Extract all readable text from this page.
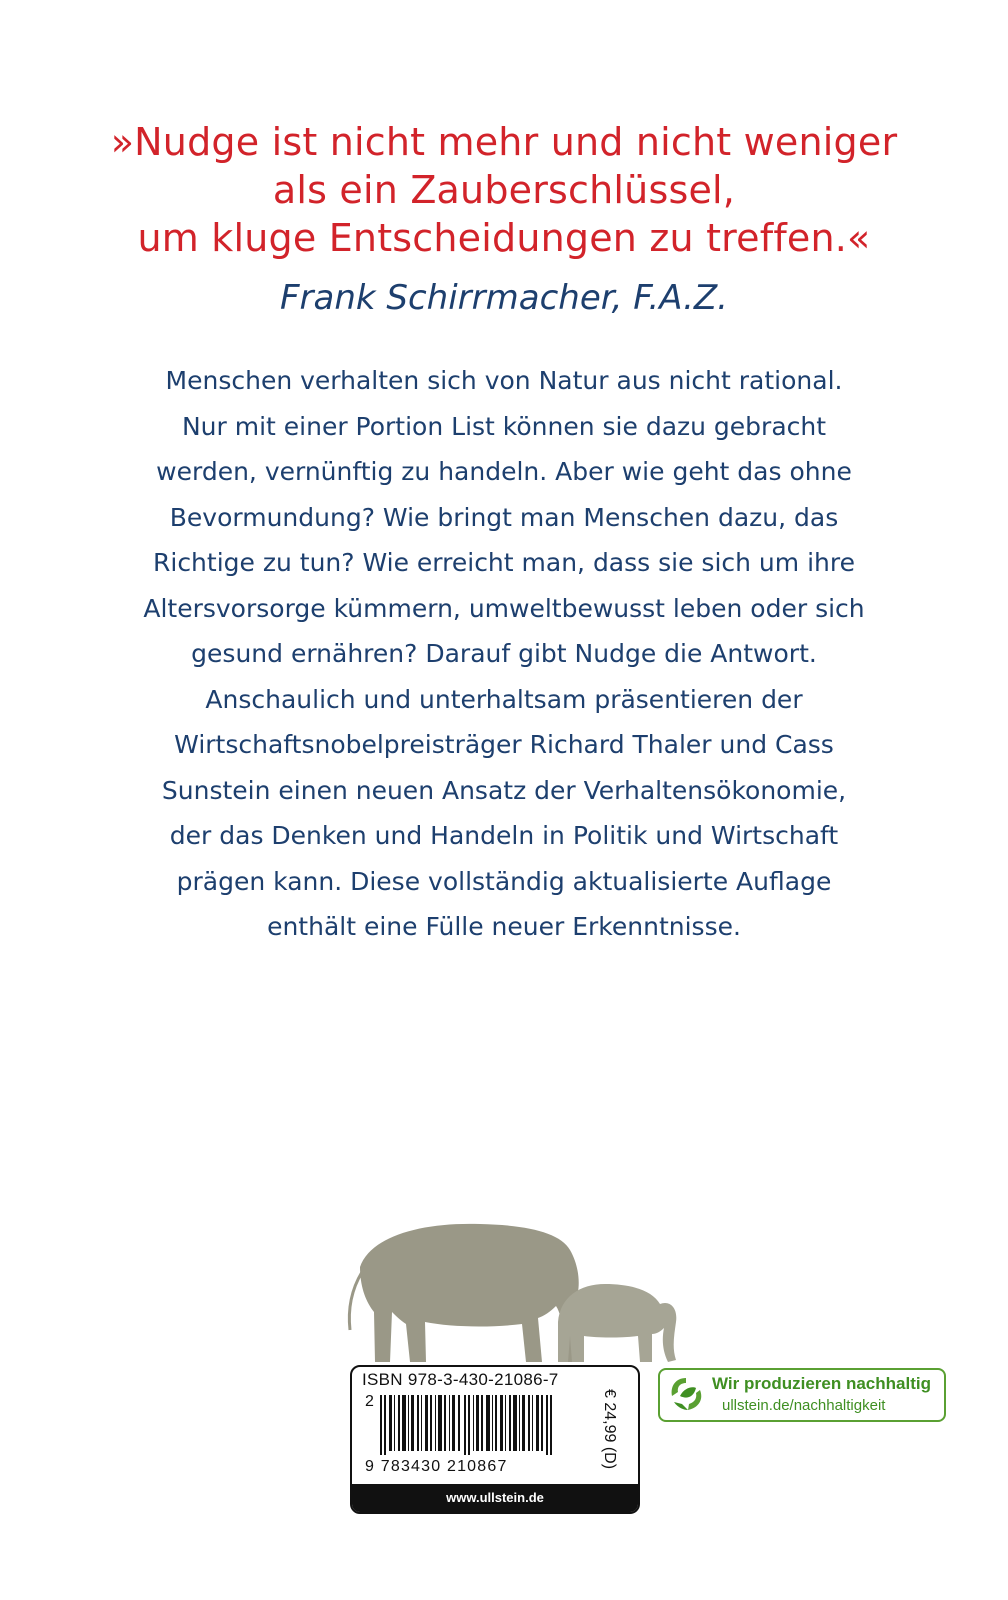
»Nudge ist nicht mehr und nicht weniger
als ein Zauberschlüssel,
um kluge Entscheidungen zu treffen.«
Frank Schirrmacher, F.A.Z.
Menschen verhalten sich von Natur aus nicht rational.
Nur mit einer Portion List können sie dazu gebracht
werden, vernünftig zu handeln. Aber wie geht das ohne
Bevormundung? Wie bringt man Menschen dazu, das
Richtige zu tun? Wie erreicht man, dass sie sich um ihre
Altersvorsorge kümmern, umweltbewusst leben oder sich
gesund ernähren? Darauf gibt Nudge die Antwort.
Anschaulich und unterhaltsam präsentieren der
Wirtschaftsnobelpreisträger Richard Thaler und Cass
Sunstein einen neuen Ansatz der Verhaltensökonomie,
der das Denken und Handeln in Politik und Wirtschaft
prägen kann. Diese vollständig aktualisierte Auflage
enthält eine Fülle neuer Erkenntnisse.
ISBN 978-3-430-21086-7
2
9 783430 210867	€ 24,99 (D)
www.ullstein.de
Wir produzieren nachhaltig
ullstein.de/nachhaltigkeit
